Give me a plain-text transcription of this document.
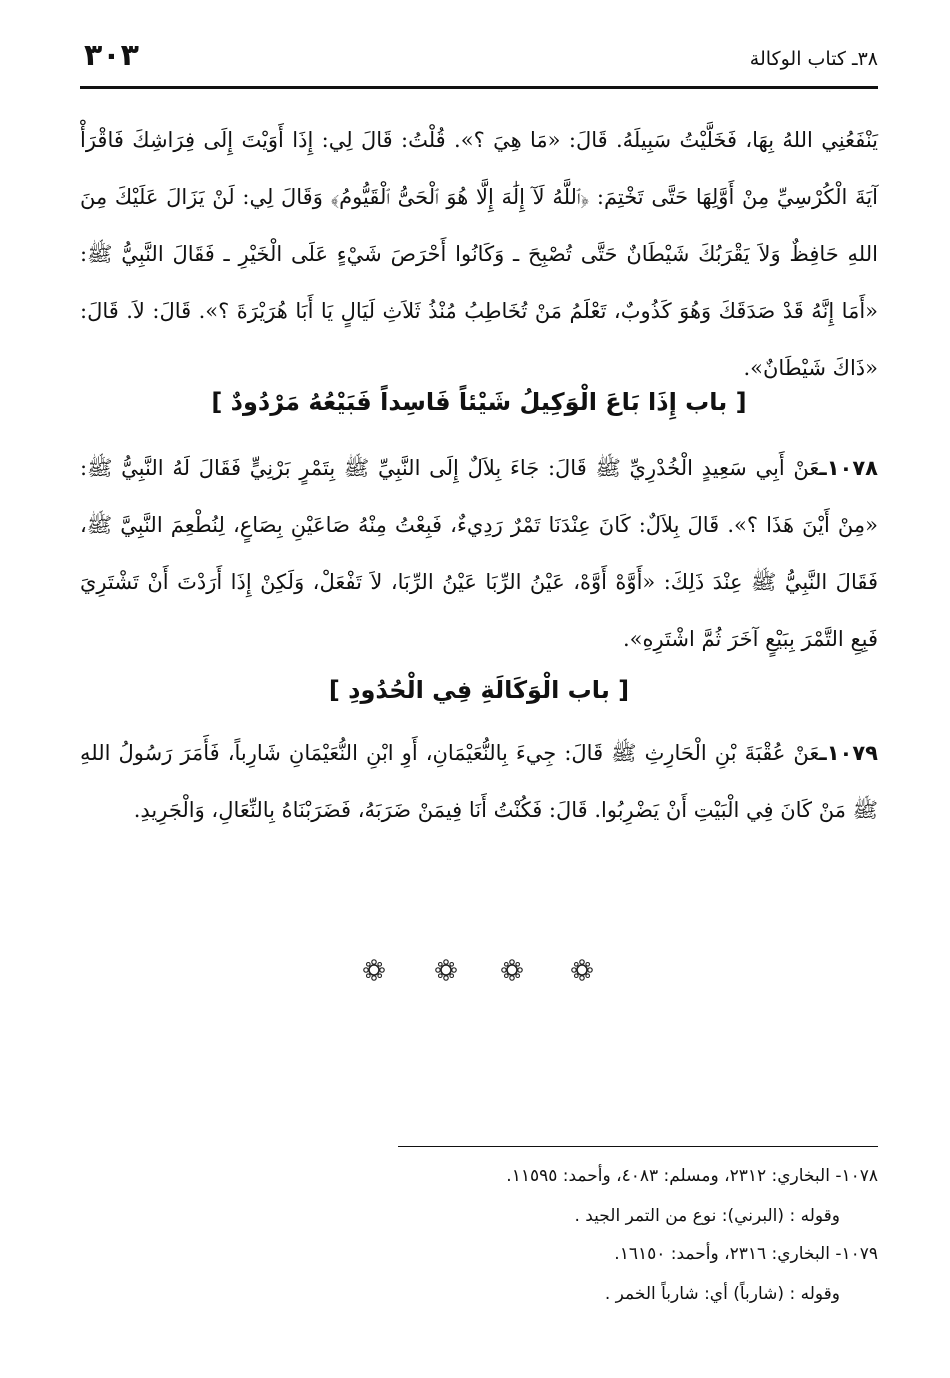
٣٨ـ كتاب الوكالة
٣٠٣
يَنْفَعُنِي اللهُ بِهَا، فَخَلَّيْتُ سَبِيلَهُ. قَالَ: «مَا هِيَ ؟». قُلْتُ: قَالَ لِي: إِذَا أَوَيْتَ إِلَى فِرَاشِكَ فَاقْرَأْ آيَةَ الْكُرْسِيِّ مِنْ أَوَّلِهَا حَتَّى تَخْتِمَ: ﴿ٱللَّهُ لَآ إِلَٰهَ إِلَّا هُوَ ٱلْحَىُّ ٱلْقَيُّومُ﴾ وَقَالَ لِي: لَنْ يَزَالَ عَلَيْكَ مِنَ اللهِ حَافِظٌ وَلاَ يَقْرَبُكَ شَيْطَانٌ حَتَّى تُصْبِحَ ـ وَكَانُوا أَحْرَصَ شَيْءٍ عَلَى الْخَيْرِ ـ فَقَالَ النَّبِيُّ ﷺ: «أَمَا إِنَّهُ قَدْ صَدَقَكَ وَهُوَ كَذُوبٌ، تَعْلَمُ مَنْ تُخَاطِبُ مُنْذُ ثَلاَثِ لَيَالٍ يَا أَبَا هُرَيْرَةَ ؟». قَالَ: لاَ. قَالَ: «ذَاكَ شَيْطَانٌ».
[ باب إِذَا بَاعَ الْوَكِيلُ شَيْئاً فَاسِداً فَبَيْعُهُ مَرْدُودٌ ]
١٠٧٨ـعَنْ أَبِي سَعِيدٍ الْخُدْرِيِّ ﷺ قَالَ: جَاءَ بِلاَلٌ إِلَى النَّبِيِّ ﷺ بِتَمْرٍ بَرْنِيٍّ فَقَالَ لَهُ النَّبِيُّ ﷺ: «مِنْ أَيْنَ هَذَا ؟». قَالَ بِلاَلٌ: كَانَ عِنْدَنَا تَمْرٌ رَدِيءٌ، فَبِعْتُ مِنْهُ صَاعَيْنِ بِصَاعٍ، لِنُطْعِمَ النَّبِيَّ ﷺ، فَقَالَ النَّبِيُّ ﷺ عِنْدَ ذَلِكَ: «أَوَّهْ أَوَّهْ، عَيْنُ الرِّبَا عَيْنُ الرِّبَا، لاَ تَفْعَلْ، وَلَكِنْ إِذَا أَرَدْتَ أَنْ تَشْتَرِيَ فَبِعِ التَّمْرَ بِبَيْعٍ آخَرَ ثُمَّ اشْتَرِهِ».
[ باب الْوَكَالَةِ فِي الْحُدُودِ ]
١٠٧٩ـعَنْ عُقْبَةَ بْنِ الْحَارِثِ ﷺ قَالَ: جِيءَ بِالنُّعَيْمَانِ، أَوِ ابْنِ النُّعَيْمَانِ شَارِباً، فَأَمَرَ رَسُولُ اللهِ ﷺ مَنْ كَانَ فِي الْبَيْتِ أَنْ يَضْرِبُوا. قَالَ: فَكُنْتُ أَنَا فِيمَنْ ضَرَبَهُ، فَضَرَبْنَاهُ بِالنِّعَالِ، وَالْجَرِيدِ.
١٠٧٨- البخاري: ٢٣١٢، ومسلم: ٤٠٨٣، وأحمد: ١١٥٩٥.
وقوله : (البرني): نوع من التمر الجيد .
١٠٧٩- البخاري: ٢٣١٦، وأحمد: ١٦١٥٠.
وقوله : (شارباً) أي: شارباً الخمر .
